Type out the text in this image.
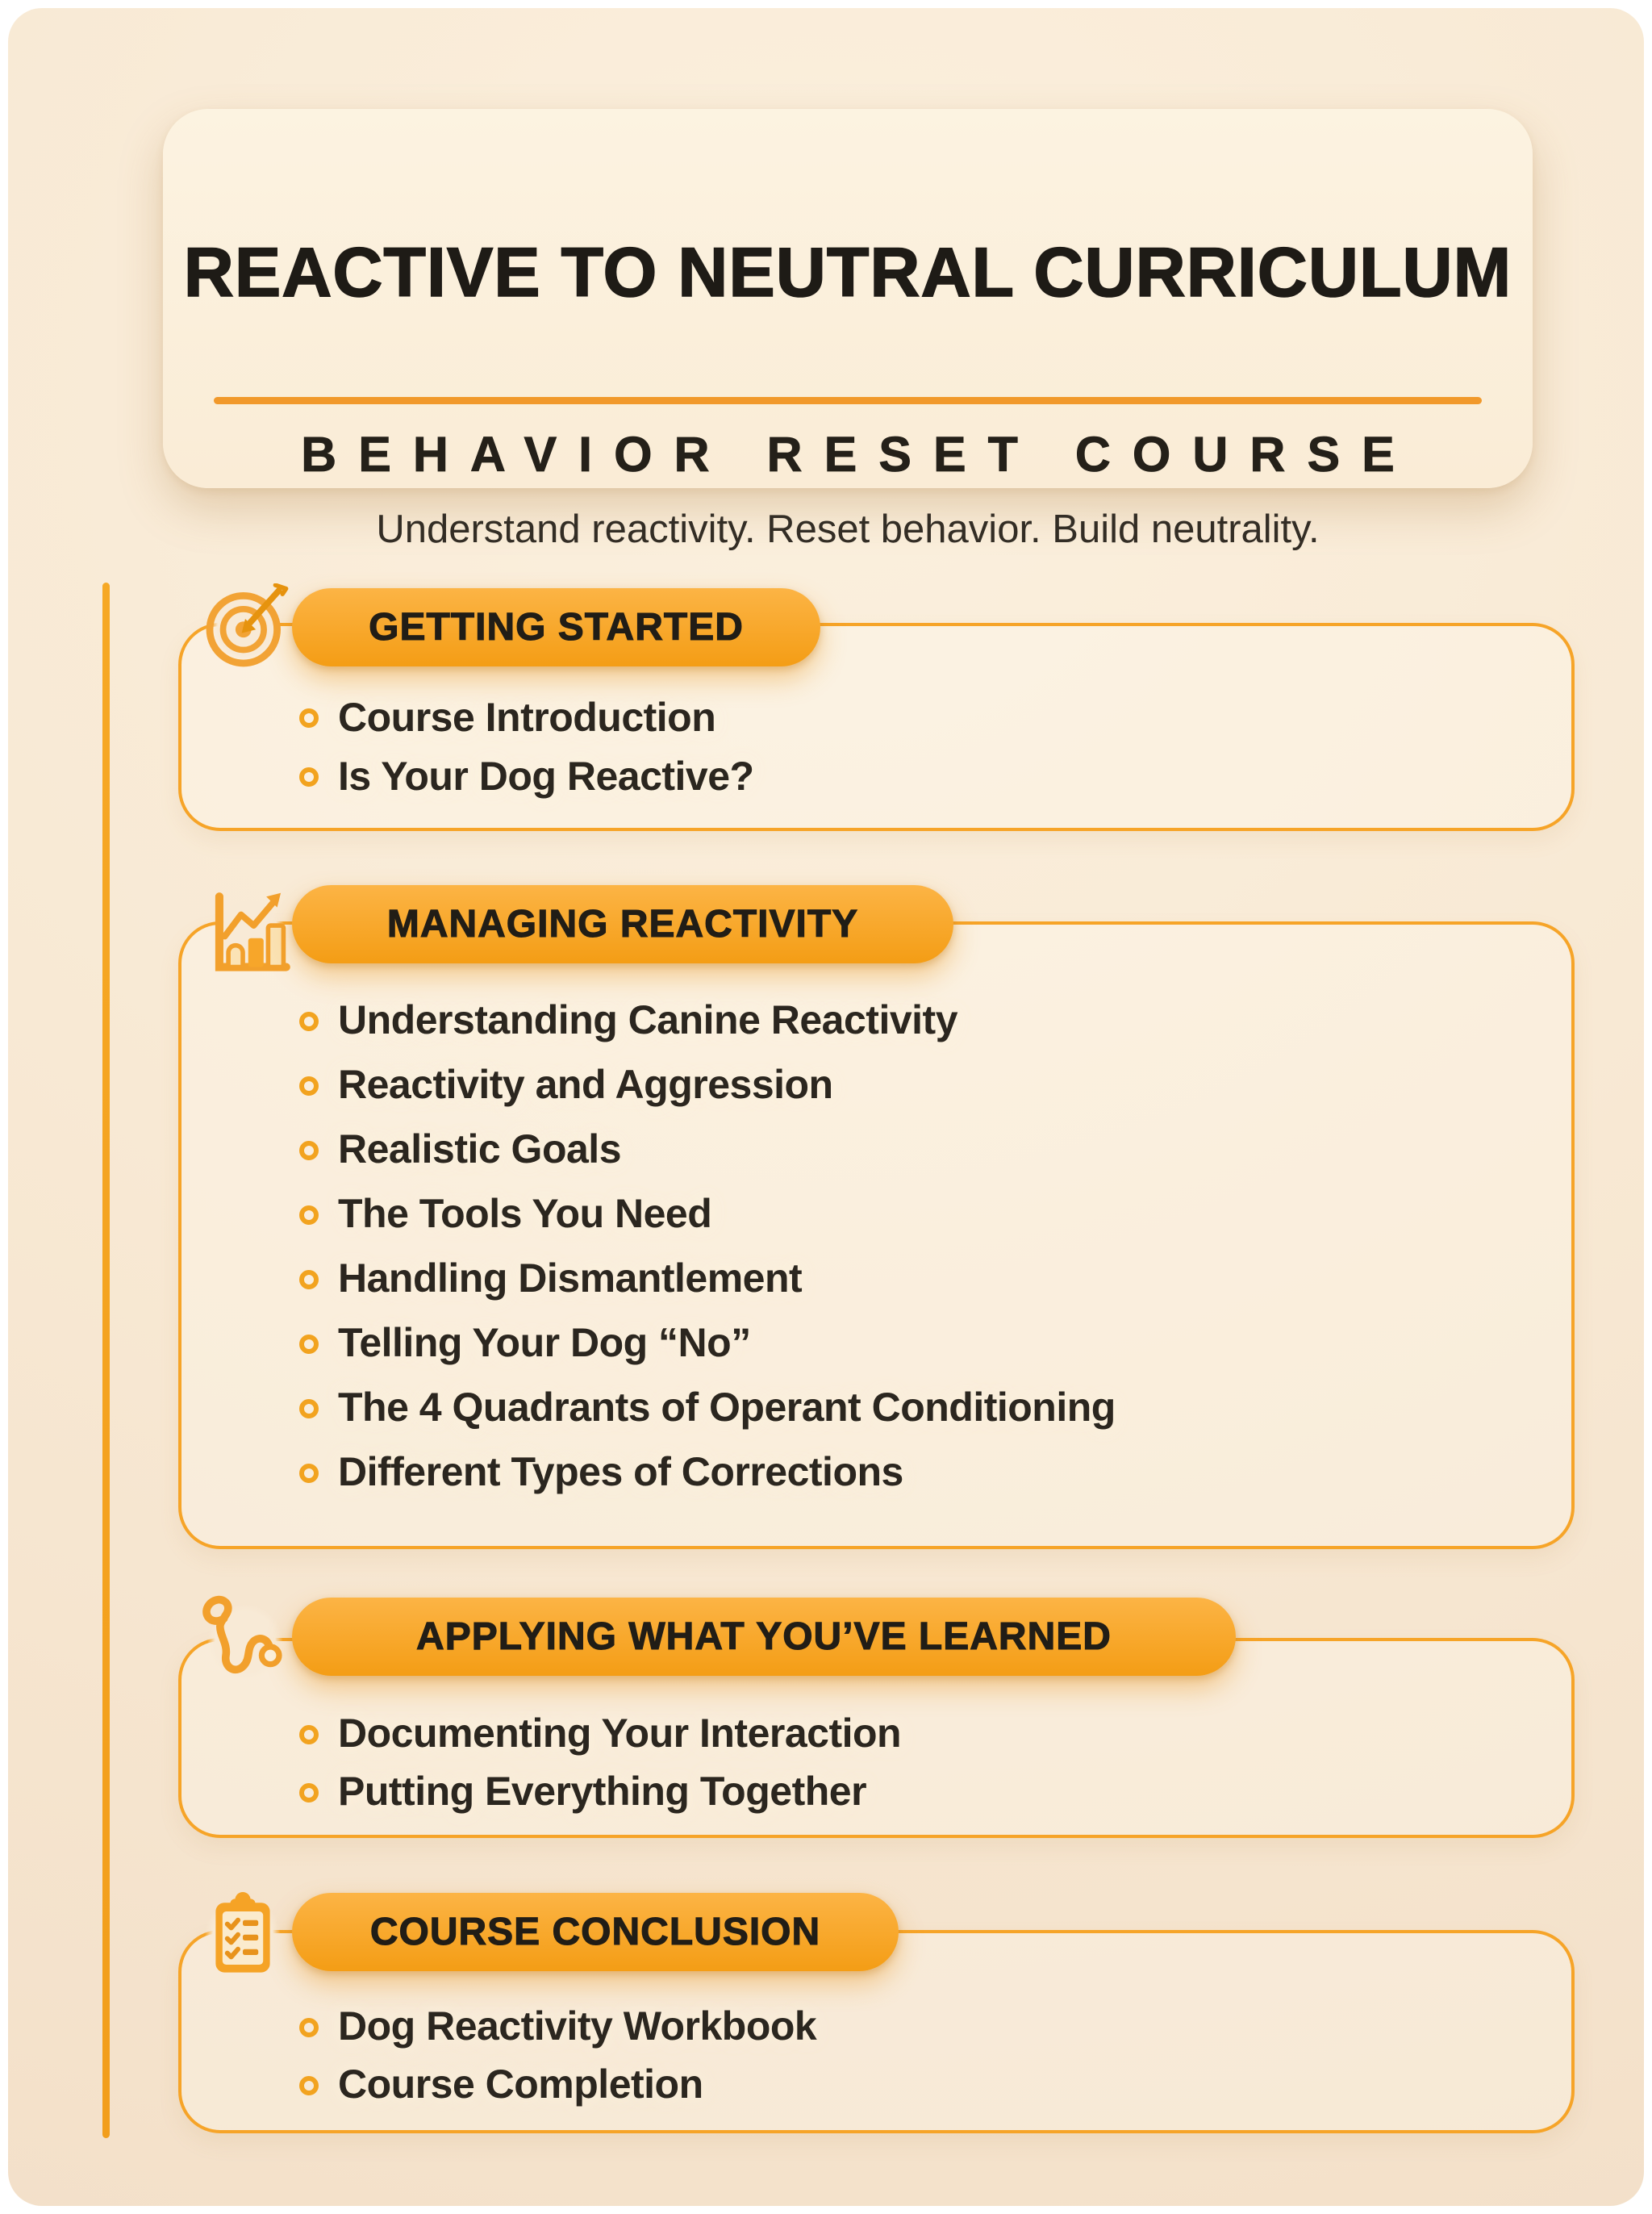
REACTIVE TO NEUTRAL CURRICULUM
BEHAVIOR RESET COURSE
Understand reactivity. Reset behavior. Build neutrality.
GETTING STARTED
Course Introduction
Is Your Dog Reactive?
MANAGING REACTIVITY
Understanding Canine Reactivity
Reactivity and Aggression
Realistic Goals
The Tools You Need
Handling Dismantlement
Telling Your Dog “No”
The 4 Quadrants of Operant Conditioning
Different Types of Corrections
APPLYING WHAT YOU’VE LEARNED
Documenting Your Interaction
Putting Everything Together
COURSE CONCLUSION
Dog Reactivity Workbook
Course Completion
